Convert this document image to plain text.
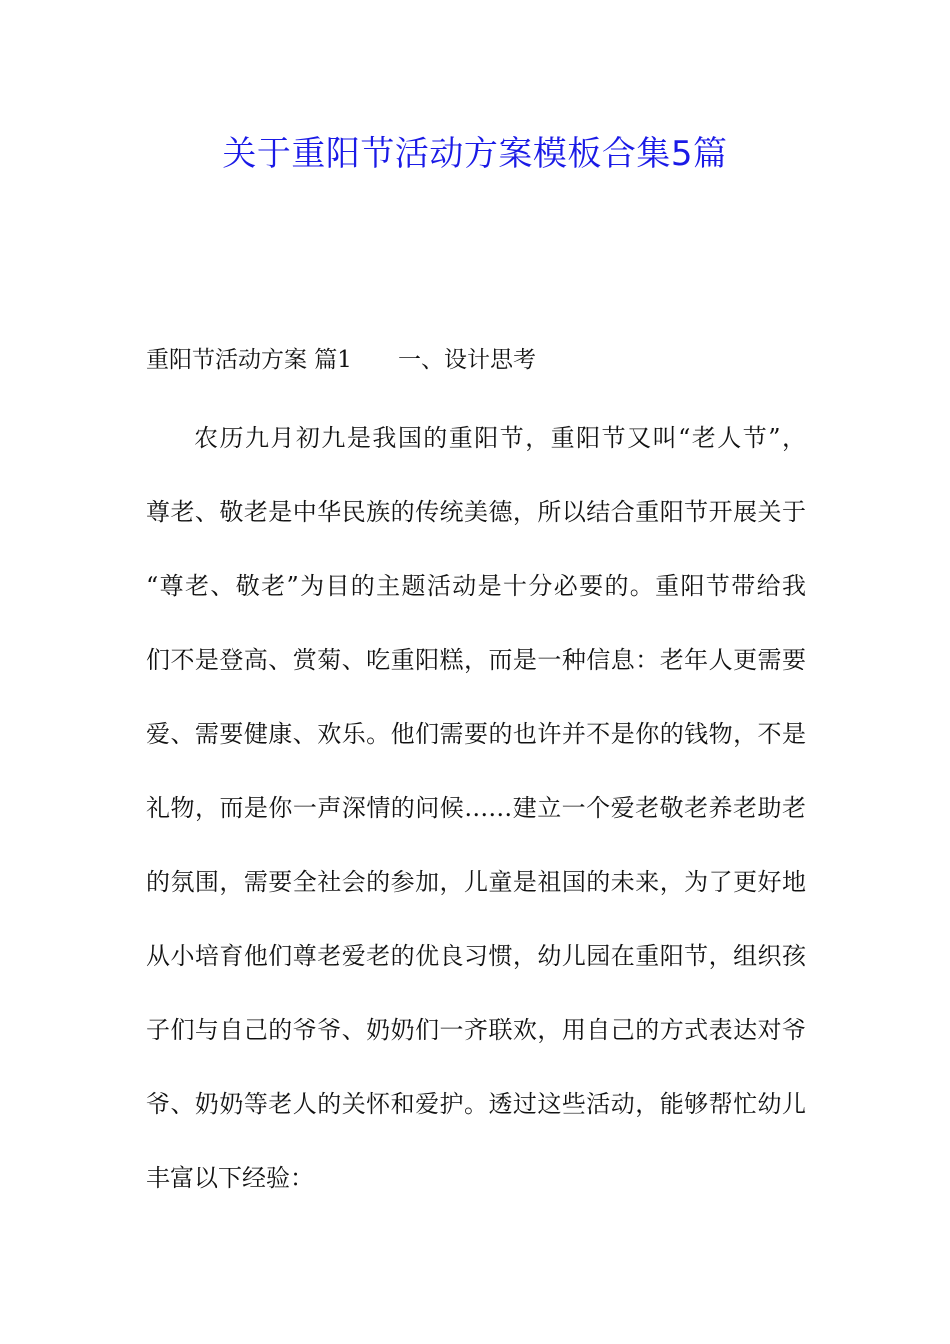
关于重阳节活动方案模板合集5篇
重阳节活动方案 篇1　　一、设计思考
农历九月初九是我国的重阳节，重阳节又叫“老人节”，
尊老、敬老是中华民族的传统美德，所以结合重阳节开展关于
“尊老、敬老”为目的主题活动是十分必要的。重阳节带给我
们不是登高、赏菊、吃重阳糕，而是一种信息：老年人更需要
爱、需要健康、欢乐。他们需要的也许并不是你的钱物，不是
礼物，而是你一声深情的问候……建立一个爱老敬老养老助老
的氛围，需要全社会的参加，儿童是祖国的未来，为了更好地
从小培育他们尊老爱老的优良习惯，幼儿园在重阳节，组织孩
子们与自己的爷爷、奶奶们一齐联欢，用自己的方式表达对爷
爷、奶奶等老人的关怀和爱护。透过这些活动，能够帮忙幼儿
丰富以下经验：
